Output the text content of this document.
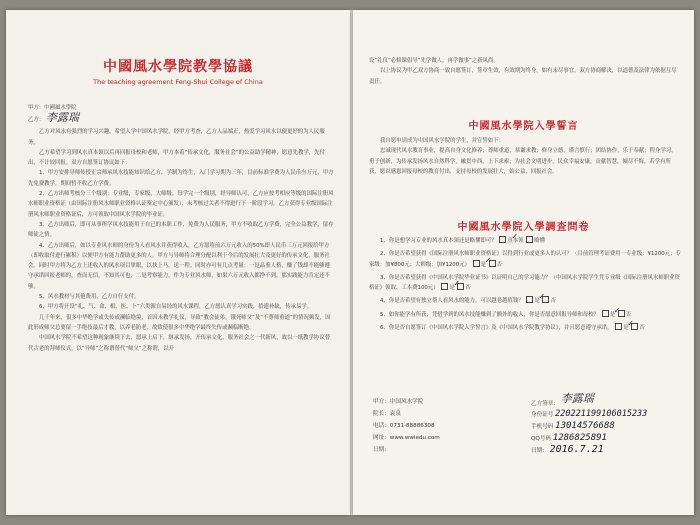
中國風水學院教學協議
The teaching agreement Feng-Shui College of China

甲方：中國風水學院

乙方： 李露瑞

乙方对风水有强烈的学习兴趣，希望入学中国风水学院，经甲方考查，乙方人品端正，热爱学习风水以便更好的为人民服务。

乙方希望学习到风水真本领以后再回报母校和老师，甲方本着“传承文化，服务社会”的公益助学精神，愿意先教学，先付出，不计较回报。双方自愿签订协议如下：

1、甲方安排导师传授正宗师承风水技能知识给乙方，学制为终生，入门学习期为三年，目前标准学费为人民币叁万元，甲方先免费教学，期间暂不收乙方学费。

2、乙方出师考核分三个级别：专业级，专家级，大师级。每学完一个级别，经导师认可，乙方应按考相应等级的国际注册风水师职业资格证（由国际注册风水师职业资格认证鉴定中心颁发），未考核过关者不得进行下一阶段学习。乙方获得专业级国际注册风水师职业资格证后，方可领取中国风水学院的毕业证。

3、乙方出师后，即可从事所学风水技能用于自己的本职工作，免费为人民服务，甲方不收取乙方学费，完全公益教学，留存师徒之情。

4、乙方出师后，如以专业风水师的身份为人看风水并获得收入，乙方愿将前六万元收入的50%即人民币三万元回报给甲方（即收取付进行累积）以便甲方有能力帮助更多的人。甲方与导师将合理分配以利于今后的发展壮大及更好的传承文化，服务社会。同时甲方将为乙方上述收入的风水项目掌眼，以扶上马，送一程。同时亦可有几点考量：一是品鉴人格，赚了钱却不能够遵守承诺回报老师的，查而无信，不知其可也；二是考察能力，作为专业风水师，如果六万元收入都挣不到，那实践能力肯定还不够。

5、风水教材与其他费用，乙方自行支付。

6、甲方将开设“礼、气、命、相、医、卜”六类源自易经的风水课程，乙方愿认真学习实践，拾遗补缺，传承易学。

几千年来，很多中华绝学或失传或濒临绝境，首因未教学礼仪，导致“教会徒弟，饿死师父”及“不尊师重道”的情况频发，因此形成师父总要留一手绝技最后才教，以养老防老，故致使很多中华绝学最终失传或濒临断绝。

中国风水学院不希望这种现象继续下去，愿承上启下，继承发扬，开传承文化，服务社会之一代新风，故以一纸教学协议替代古老的拜师仪式，以“导师”之称谓替代“师父”之称谓，以开

设“礼仪”必修课倡导“先学做人，再学做事”之新风尚。

以上协议为甲乙双方协商一致自愿签订，签章生效，有效期为终身。如有未尽事宜，双方协商解决，以道德及法律为依据互尽责任。

中國風水學院入學誓言

我自愿申请成为中国风水学院的学生，并宣誓如下：

忠诚现代风水教育事业，提高自身文化修养；尊师重道，恭谦求教；修身立德，谨言慎行；团结协作，乐于奉献；程身学习，勇于创新，为传承发扬风水自然科学，融贯中西，上下求索；为社会文明进步，民众幸福安康，贡献智慧，倾尽不悔。若学有所获，愿以感恩回报母校的教育付出，支持母校的发展壮大，始公益，回报社会。

中國風水學院入學調查問卷

1、你是想学习专业的风水真本领还是略懂即可？ ✓ 真本领 略懂

2、你是否希望获得《国际注册风水师职业资格证》以得到行业或更多人的认可？（目前管理考证费用一专业级：¥1200元；专家级：加¥800元；大师级：加¥1200元） ✓ 是 否

3、你是否希望获得《中国风水学院毕业证书》以证明自己的学习能力？（中国风水学院学生凭专业级《国际注册风水师职业资格证》领取，工本费100元） ✓ 是 否

4、你是否希望有独立帮人看风水的能力，可以越老越值钱？ ✓ 是 否

5、如你能学有所获，凭借学到的风水技能赚到了额外的收入，你是否愿意回报导师和母校？ ✓ 是 否

6、你是否自愿签订《中国风水学院入学誓言》及《中国风水学院教学协议》，并且愿意遵守承诺。 ✓ 是 否

甲方：中国风水学院
院长：袁泉
电话：0731-88886308
网址：www.wwiedu.com
日期：
乙方签章： 李露瑞
身份证号 220221199106015233
手机号码 13014576688
QQ号码 1286825891
日期： 2016.7.21
